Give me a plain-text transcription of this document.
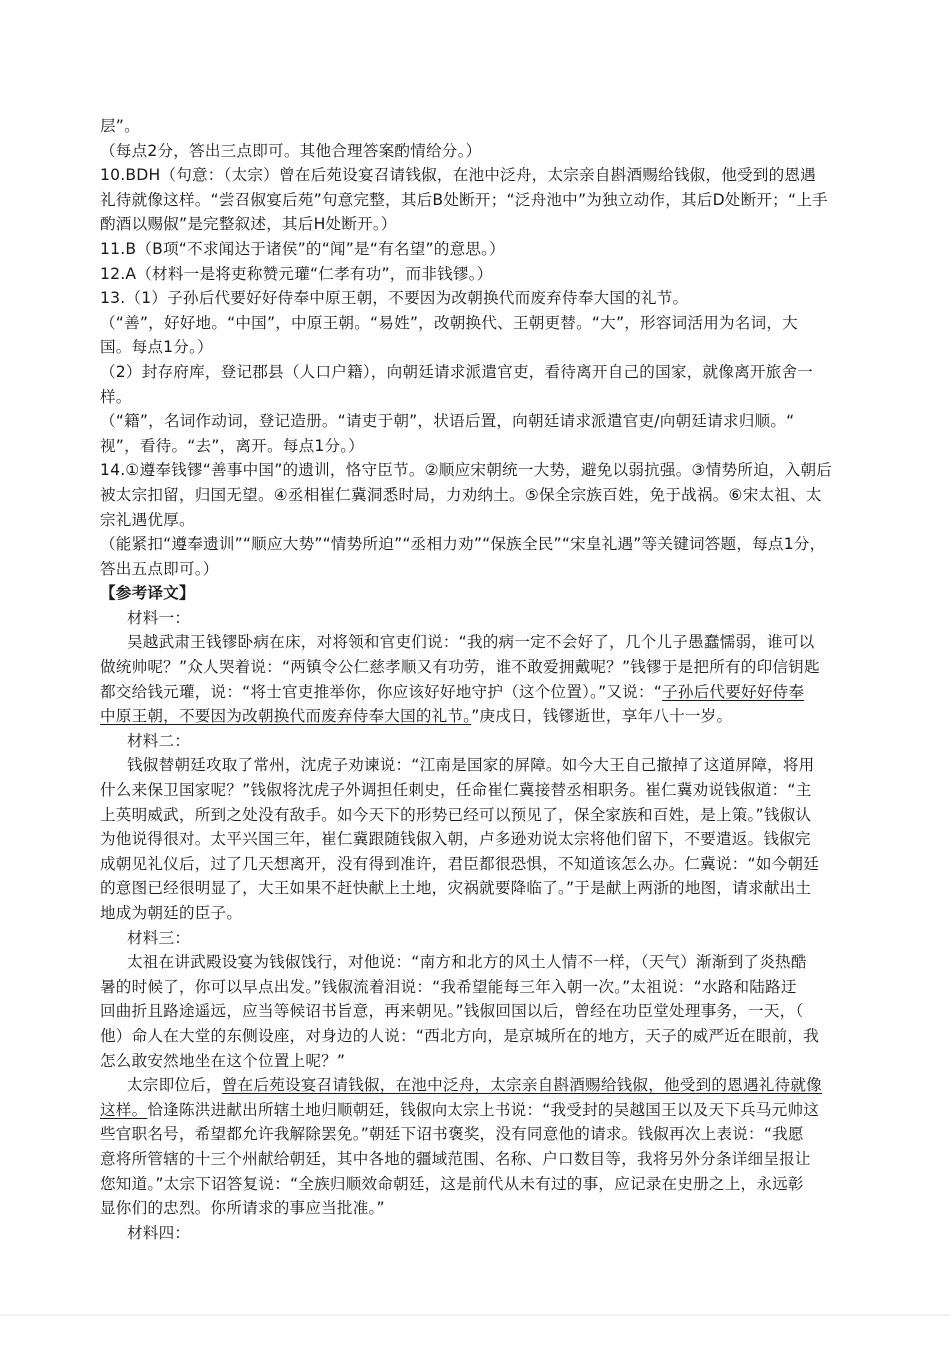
层”。
（每点2分，答出三点即可。其他合理答案酌情给分。）
10.BDH（句意：（太宗）曾在后苑设宴召请钱俶，在池中泛舟，太宗亲自斟酒赐给钱俶，他受到的恩遇
礼待就像这样。“尝召俶宴后苑”句意完整，其后B处断开；“泛舟池中”为独立动作，其后D处断开；“上手
酌酒以赐俶”是完整叙述，其后H处断开。）
11.B（B项“不求闻达于诸侯”的“闻”是“有名望”的意思。）
12.A（材料一是将吏称赞元瓘“仁孝有功”，而非钱镠。）
13.（1）子孙后代要好好侍奉中原王朝，不要因为改朝换代而废弃侍奉大国的礼节。
（“善”，好好地。“中国”，中原王朝。“易姓”，改朝换代、王朝更替。“大”，形容词活用为名词，大
国。每点1分。）
（2）封存府库，登记郡县（人口户籍），向朝廷请求派遣官吏，看待离开自己的国家，就像离开旅舍一
样。
（“籍”，名词作动词，登记造册。“请吏于朝”，状语后置，向朝廷请求派遣官吏/向朝廷请求归顺。“
视”，看待。“去”，离开。每点1分。）
14.①遵奉钱镠“善事中国”的遗训，恪守臣节。②顺应宋朝统一大势，避免以弱抗强。③情势所迫，入朝后
被太宗扣留，归国无望。④丞相崔仁冀洞悉时局，力劝纳土。⑤保全宗族百姓，免于战祸。⑥宋太祖、太
宗礼遇优厚。
（能紧扣“遵奉遗训”“顺应大势”“情势所迫”“丞相力劝”“保族全民”“宋皇礼遇”等关键词答题，每点1分，
答出五点即可。）
【参考译文】
材料一：
吴越武肃王钱镠卧病在床，对将领和官吏们说：“我的病一定不会好了，几个儿子愚蠢懦弱，谁可以
做统帅呢？”众人哭着说：“两镇令公仁慈孝顺又有功劳，谁不敢爱拥戴呢？”钱镠于是把所有的印信钥匙
都交给钱元瓘，说：“将士官吏推举你，你应该好好地守护（这个位置）。”又说：“子孙后代要好好侍奉
中原王朝，不要因为改朝换代而废弃侍奉大国的礼节。”庚戌日，钱镠逝世，享年八十一岁。
材料二：
钱俶替朝廷攻取了常州，沈虎子劝谏说：“江南是国家的屏障。如今大王自己撤掉了这道屏障，将用
什么来保卫国家呢？”钱俶将沈虎子外调担任刺史，任命崔仁冀接替丞相职务。崔仁冀劝说钱俶道：“主
上英明威武，所到之处没有敌手。如今天下的形势已经可以预见了，保全家族和百姓，是上策。”钱俶认
为他说得很对。太平兴国三年，崔仁冀跟随钱俶入朝，卢多逊劝说太宗将他们留下，不要遣返。钱俶完
成朝见礼仪后，过了几天想离开，没有得到准许，君臣都很恐惧，不知道该怎么办。仁冀说：“如今朝廷
的意图已经很明显了，大王如果不赶快献上土地，灾祸就要降临了。”于是献上两浙的地图，请求献出土
地成为朝廷的臣子。
材料三：
太祖在讲武殿设宴为钱俶饯行，对他说：“南方和北方的风土人情不一样，（天气）渐渐到了炎热酷
暑的时候了，你可以早点出发。”钱俶流着泪说：“我希望能每三年入朝一次。”太祖说：“水路和陆路迂
回曲折且路途遥远，应当等候诏书旨意，再来朝见。”钱俶回国以后，曾经在功臣堂处理事务，一天，（
他）命人在大堂的东侧设座，对身边的人说：“西北方向，是京城所在的地方，天子的威严近在眼前，我
怎么敢安然地坐在这个位置上呢？”
太宗即位后，曾在后苑设宴召请钱俶，在池中泛舟，太宗亲自斟酒赐给钱俶，他受到的恩遇礼待就像
这样。恰逢陈洪进献出所辖土地归顺朝廷，钱俶向太宗上书说：“我受封的吴越国王以及天下兵马元帅这
些官职名号，希望都允许我解除罢免。”朝廷下诏书褒奖，没有同意他的请求。钱俶再次上表说：“我愿
意将所管辖的十三个州献给朝廷，其中各地的疆域范围、名称、户口数目等，我将另外分条详细呈报让
您知道。”太宗下诏答复说：“全族归顺效命朝廷，这是前代从未有过的事，应记录在史册之上，永远彰
显你们的忠烈。你所请求的事应当批准。”
材料四：
